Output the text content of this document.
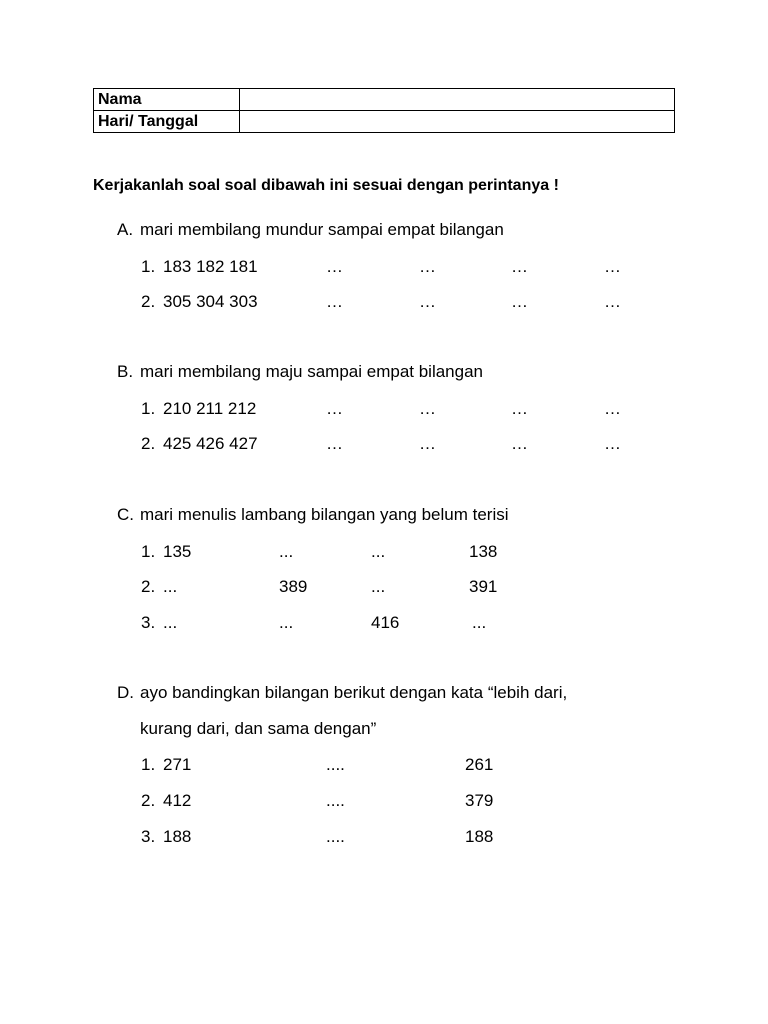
Nama	
Hari/ Tanggal	
Kerjakanlah soal soal dibawah ini sesuai dengan perintanya !
A. mari membilang mundur sampai empat bilangan
1. 183 182 181	…	…	…	…
2. 305 304 303	…	…	…	…
B. mari membilang maju sampai empat bilangan
1. 210 211 212	…	…	…	…
2. 425 426 427	…	…	…	…
C. mari menulis lambang bilangan yang belum terisi
1. 135	...	...	138
2. ...	389	...	391
3. ...	...	416	...
D. ayo bandingkan bilangan berikut dengan kata “lebih dari,
kurang dari, dan sama dengan”
1. 271	....	261
2. 412	....	379
3. 188	....	188
